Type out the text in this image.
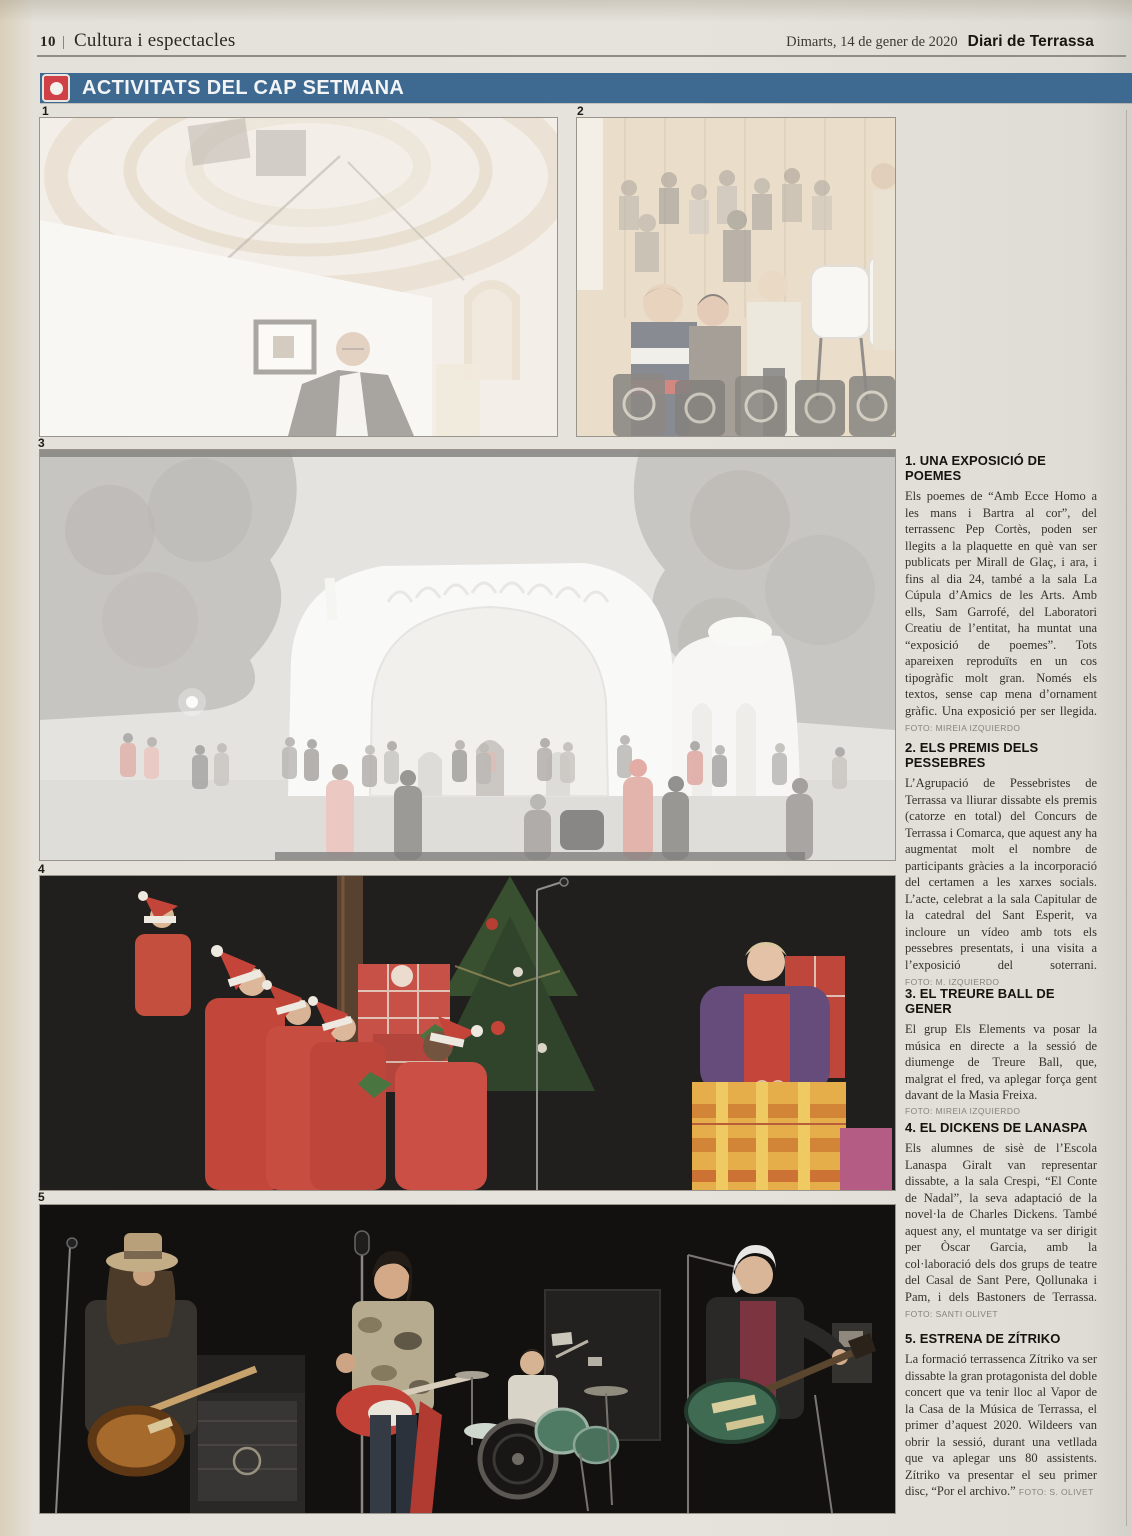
10 | Cultura i espectacles	Dimarts, 14 de gener de 2020 Diari de Terrassa
ACTIVITATS DEL CAP SETMANA
1	2
3
4
5
1. UNA EXPOSICIÓ DE POEMES

Els poemes de “Amb Ecce Homo a les mans i Bartra al cor”, del terrassenc Pep Cortès, poden ser llegits a la plaquette en què van ser publicats per Mirall de Glaç, i ara, i fins al dia 24, també a la sala La Cúpula d’Amics de les Arts. Amb ells, Sam Garrofé, del Laboratori Creatiu de l’entitat, ha muntat una “exposició de poemes”. Tots apareixen reproduïts en un cos tipogràfic molt gran. Només els textos, sense cap mena d’ornament gràfic. Una exposició per ser llegida. FOTO: MIREIA IZQUIERDO

2. ELS PREMIS DELS PESSEBRES

L’Agrupació de Pessebristes de Terrassa va lliurar dissabte els premis (catorze en total) del Concurs de Terrassa i Comarca, que aquest any ha augmentat molt el nombre de participants gràcies a la incorporació del certamen a les xarxes socials. L’acte, celebrat a la sala Capitular de la catedral del Sant Esperit, va incloure un vídeo amb tots els pessebres presentats, i una visita a l’exposició del soterrani. FOTO: M. IZQUIERDO

3. EL TREURE BALL DE GENER

El grup Els Elements va posar la música en directe a la sessió de diumenge de Treure Ball, que, malgrat el fred, va aplegar força gent davant de la Masia Freixa.
FOTO: MIREIA IZQUIERDO

4. EL DICKENS DE LANASPA

Els alumnes de sisè de l’Escola Lanaspa Giralt van representar dissabte, a la sala Crespi, “El Conte de Nadal”, la seva adaptació de la novel·la de Charles Dickens. També aquest any, el muntatge va ser dirigit per Òscar Garcia, amb la col·laboració dels dos grups de teatre del Casal de Sant Pere, Qollunaka i Pam, i dels Bastoners de Terrassa. FOTO: SANTI OLIVET

5. ESTRENA DE ZÍTRIKO

La formació terrassenca Zítriko va ser dissabte la gran protagonista del doble concert que va tenir lloc al Vapor de la Casa de la Música de Terrassa, el primer d’aquest 2020. Wildeers van obrir la sessió, durant una vetllada que va aplegar uns 80 assistents. Zítriko va presentar el seu primer disc, “Por el archivo.” FOTO: S. OLIVET
